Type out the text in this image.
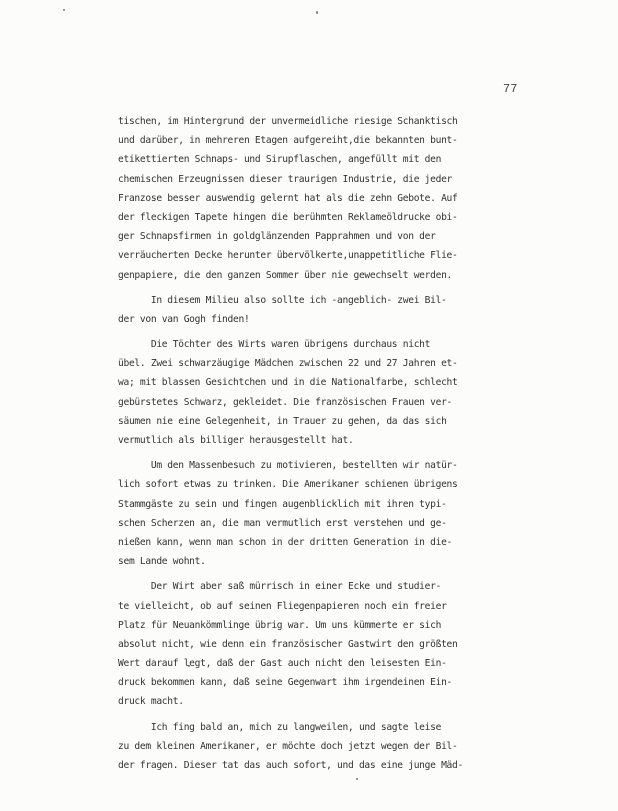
77
tischen, im Hintergrund der unvermeidliche riesige Schanktisch
und darüber, in mehreren Etagen aufgereiht,die bekannten bunt-
etikettierten Schnaps- und Sirupflaschen, angefüllt mit den
chemischen Erzeugnissen dieser traurigen Industrie, die jeder
Franzose besser auswendig gelernt hat als die zehn Gebote. Auf
der fleckigen Tapete hingen die berühmten Reklameöldrucke obi-
ger Schnapsfirmen in goldglänzenden Papprahmen und von der
verräucherten Decke herunter übervölkerte,unappetitliche Flie-
genpapiere, die den ganzen Sommer über nie gewechselt werden.
In diesem Milieu also sollte ich -angeblich- zwei Bil-
der von van Gogh finden!
Die Töchter des Wirts waren übrigens durchaus nicht
übel. Zwei schwarzäugige Mädchen zwischen 22 und 27 Jahren et-
wa; mit blassen Gesichtchen und in die Nationalfarbe, schlecht
gebürstetes Schwarz, gekleidet. Die französischen Frauen ver-
säumen nie eine Gelegenheit, in Trauer zu gehen, da das sich
vermutlich als billiger herausgestellt hat.
Um den Massenbesuch zu motivieren, bestellten wir natür-
lich sofort etwas zu trinken. Die Amerikaner schienen übrigens
Stammgäste zu sein und fingen augenblicklich mit ihren typi-
schen Scherzen an, die man vermutlich erst verstehen und ge-
nießen kann, wenn man schon in der dritten Generation in die-
sem Lande wohnt.
Der Wirt aber saß mürrisch in einer Ecke und studier-
te vielleicht, ob auf seinen Fliegenpapieren noch ein freier
Platz für Neuankömmlinge übrig war. Um uns kümmerte er sich
absolut nicht, wie denn ein französischer Gastwirt den größten
Wert darauf legt, daß der Gast auch nicht den leisesten Ein-
druck bekommen kann, daß seine Gegenwart ihm irgendeinen Ein-
druck macht.
Ich fing bald an, mich zu langweilen, und sagte leise
zu dem kleinen Amerikaner, er möchte doch jetzt wegen der Bil-
der fragen. Dieser tat das auch sofort, und das eine junge Mäd-
